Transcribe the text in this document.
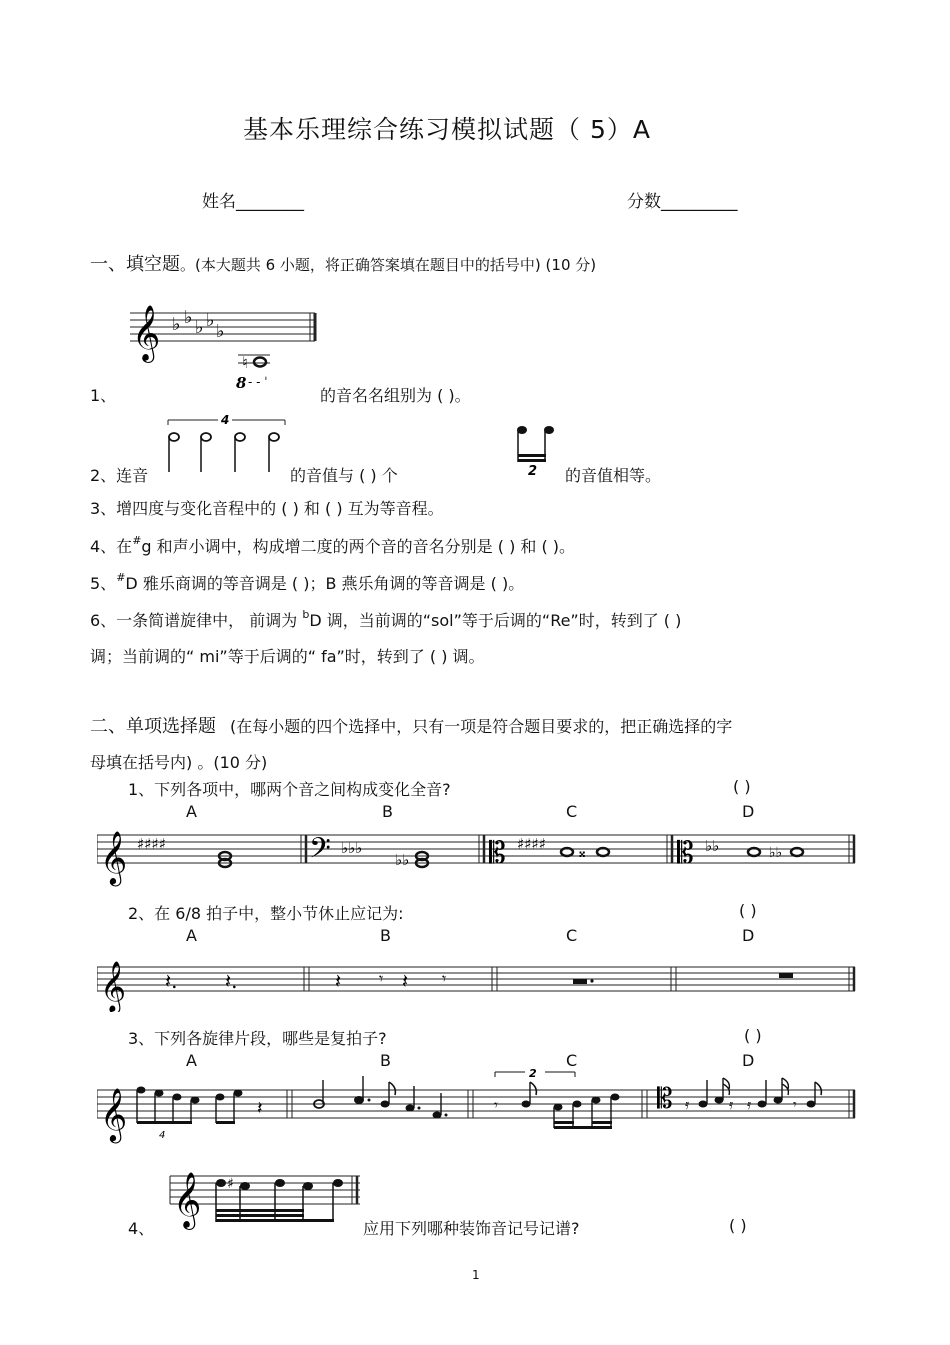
基本乐理综合练习模拟试题（ 5）A
姓名________	分数_________
一、填空题。(本大题共 6 小题，将正确答案填在题目中的括号中) (10 分)
𝄞 ♭ ♭ ♭ ♭
♭
♮
8 - - ˈ
1、	的音名名组别为 ( )。
2、连音
4
的音值与 ( ) 个	2 的音值相等。
3、增四度与变化音程中的 ( ) 和 ( ) 互为等音程。
4、在#g 和声小调中，构成增二度的两个音的音名分别是 ( ) 和 ( )。
5、#D 雅乐商调的等音调是 ( )；B 燕乐角调的等音调是 ( )。
6、一条简谱旋律中， 前调为 $^b$D 调，当前调的“sol”等于后调的“Re”时，转到了 ( )
调；当前调的“ mi”等于后调的“ fa”时，转到了 ( ) 调。
二、单项选择题 (在每小题的四个选择中，只有一项是符合题目要求的，把正确选择的字
母填在括号内) 。(10 分)
1、下列各项中，哪两个音之间构成变化全音?	( )
A	B	C	D
𝄞 ♯♯♯♯	𝄢 ♭♭♭
♭♭	𝄡 ♯♯♯♯ 𝄪	𝄡 ♭♭	♭♭
2、在 6/8 拍子中，整小节休止应记为:	( )
A	B	C	D
𝄞 𝄽. 𝄽.	𝄽 𝄾 𝄽 𝄾
3、下列各旋律片段，哪些是复拍子?	( )
A	B	C	D
𝄞	4
𝄽
2
𝄾	𝄡 𝄿	𝄿 𝄿	𝄾
4、
𝄞 ♯
应用下列哪种装饰音记号记谱?	( )
1
